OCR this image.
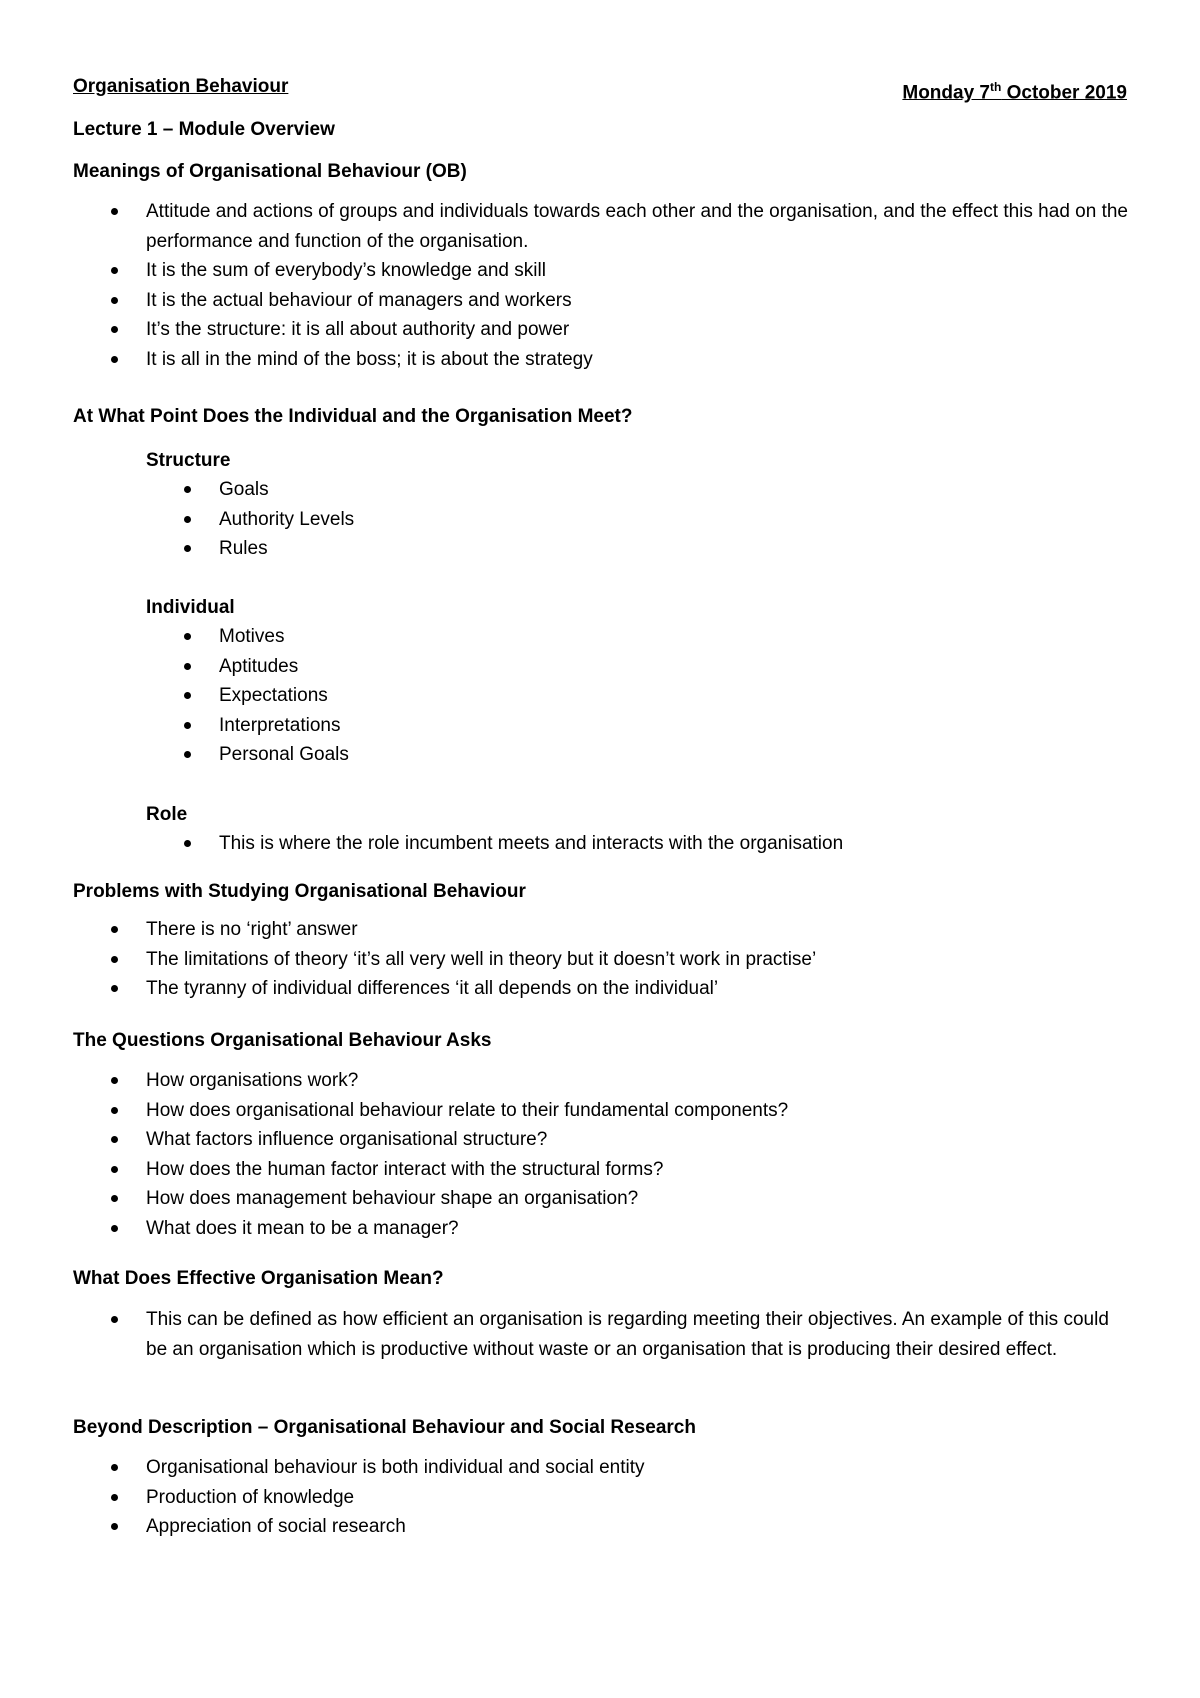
Organisation Behaviour	Monday 7th October 2019
Lecture 1 – Module Overview
Meanings of Organisational Behaviour (OB)
Attitude and actions of groups and individuals towards each other and the organisation, and the effect this had on the performance and function of the organisation.
It is the sum of everybody’s knowledge and skill
It is the actual behaviour of managers and workers
It’s the structure: it is all about authority and power
It is all in the mind of the boss; it is about the strategy
At What Point Does the Individual and the Organisation Meet?
Structure
Goals
Authority Levels
Rules
Individual
Motives
Aptitudes
Expectations
Interpretations
Personal Goals
Role
This is where the role incumbent meets and interacts with the organisation
Problems with Studying Organisational Behaviour
There is no ‘right’ answer
The limitations of theory ‘it’s all very well in theory but it doesn’t work in practise’
The tyranny of individual differences ‘it all depends on the individual’
The Questions Organisational Behaviour Asks
How organisations work?
How does organisational behaviour relate to their fundamental components?
What factors influence organisational structure?
How does the human factor interact with the structural forms?
How does management behaviour shape an organisation?
What does it mean to be a manager?
What Does Effective Organisation Mean?
This can be defined as how efficient an organisation is regarding meeting their objectives. An example of this could be an organisation which is productive without waste or an organisation that is producing their desired effect.
Beyond Description – Organisational Behaviour and Social Research
Organisational behaviour is both individual and social entity
Production of knowledge
Appreciation of social research
